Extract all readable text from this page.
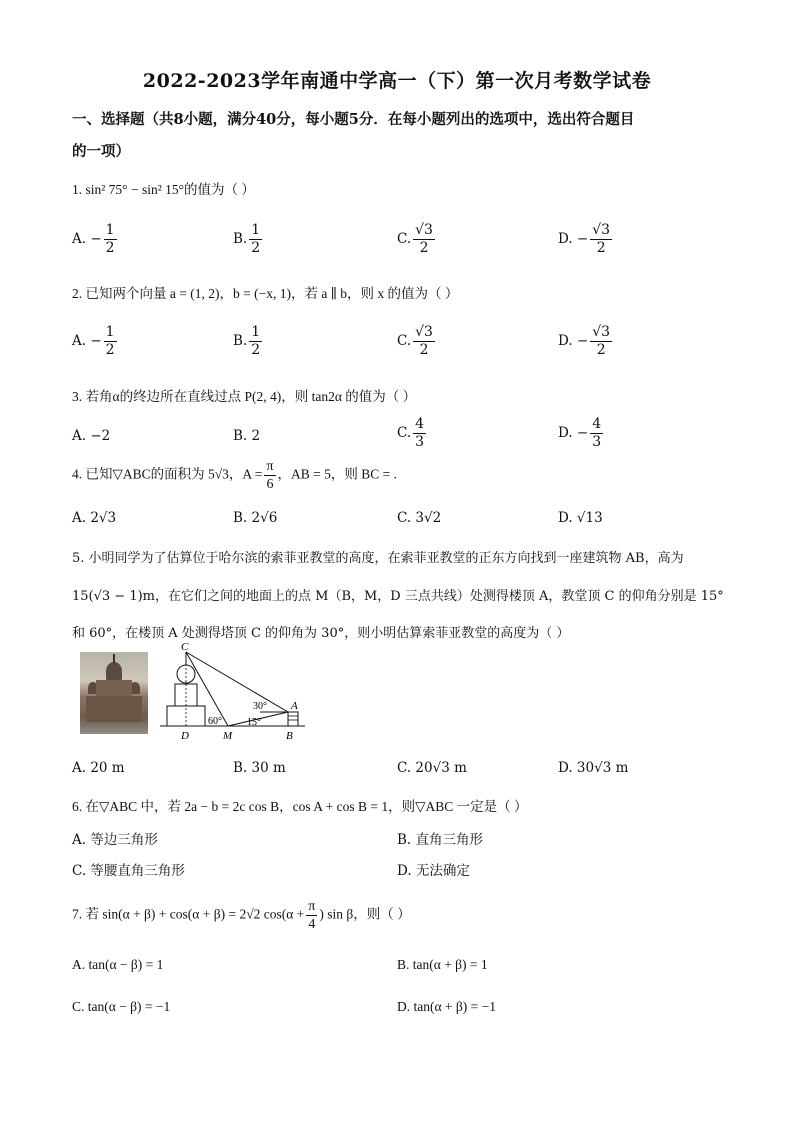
2022-2023学年南通中学高一（下）第一次月考数学试卷
一、选择题（共8小题，满分40分，每小题5分．在每小题列出的选项中，选出符合题目
的一项）
1. sin² 75° − sin² 15°的值为（ ）
A. − $\frac{1}{2}$	B. $\frac{1}{2}$	C. $\frac{√3}{2}$	D. − $\frac{√3}{2}$
2. 已知两个向量 a = (1, 2)，b = (−x, 1)，若 a ∥ b，则 x 的值为（ ）
A. − $\frac{1}{2}$	B. $\frac{1}{2}$	C. $\frac{√3}{2}$	D. − $\frac{√3}{2}$
3. 若角α的终边所在直线过点 P(2, 4)，则 tan2α 的值为（ ）
A. −2	B. 2	C. $\frac{4}{3}$	D. − $\frac{4}{3}$
4. 已知▽ABC的面积为 5√3，$A = \frac{\pi}{6}$ ，AB = 5，则 BC = .
A. 2√3	B. 2√6	C. 3√2	D. √13
5. 小明同学为了估算位于哈尔滨的索菲亚教堂的高度，在索菲亚教堂的正东方向找到一座建筑物 AB，高为
15(√3 − 1)m，在它们之间的地面上的点 M（B，M，D 三点共线）处测得楼顶 A，教堂顶 C 的仰角分别是 15°
和 60°，在楼顶 A 处测得塔顶 C 的仰角为 30°，则小明估算索菲亚教堂的高度为（ ）
C
A
D	M	B
30°
60°	15°
A. 20 m	B. 30 m	C. 20√3 m	D. 30√3 m
6. 在▽ABC 中，若 2a − b = 2c cos B，cos A + cos B = 1，则▽ABC 一定是（ ）
A. 等边三角形	B. 直角三角形
C. 等腰直角三角形	D. 无法确定
7. 若 sin(α + β) + cos(α + β) = 2√2 $\cos(\alpha + \frac{\pi}{4}$ ) sin β，则（ ）
A. tan(α − β) = 1	B. tan(α + β) = 1
C. tan(α − β) = −1	D. tan(α + β) = −1
